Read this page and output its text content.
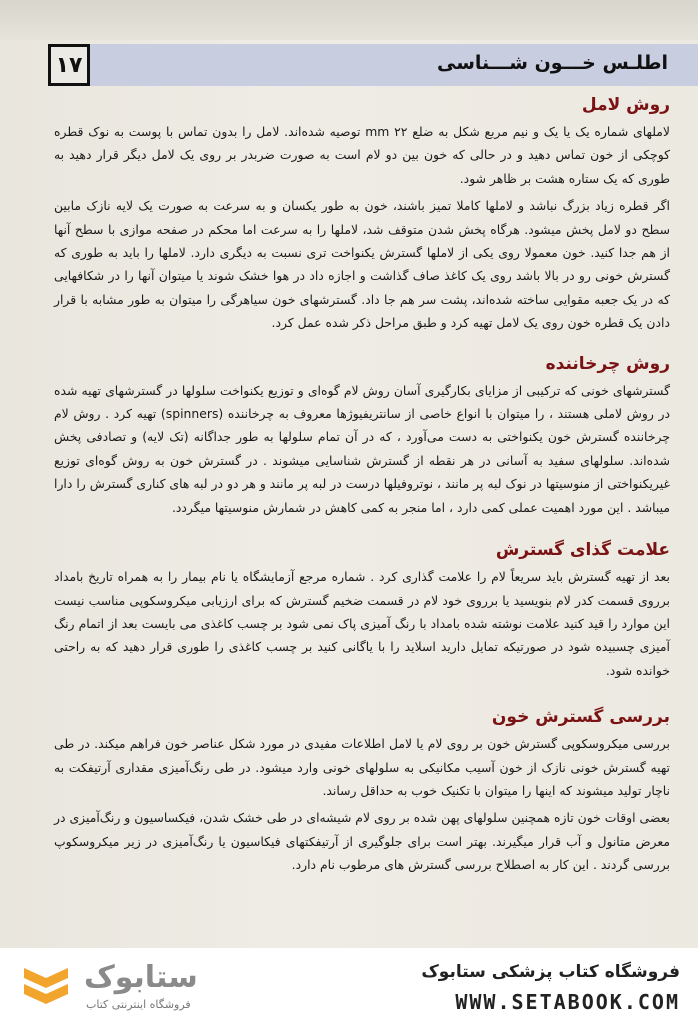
اطلـس خـــون شـــناسی
۱۷
روش لامل

لاملهای شماره یک یا یک و نیم مربع شکل به ضلع ۲۲ mm توصیه شده‌اند. لامل را بدون تماس با پوست به نوک قطره کوچکی از خون تماس دهید و در حالی که خون بین دو لام است به صورت ضربدر بر روی یک لامل دیگر قرار دهید به طوری که یک ستاره هشت بر ظاهر شود.

اگر قطره زیاد بزرگ نباشد و لاملها کاملا تمیز باشند، خون به طور یکسان و به سرعت به صورت یک لایه نازک مابین سطح دو لامل پخش میشود. هرگاه پخش شدن متوقف شد، لاملها را به سرعت اما محکم در صفحه موازی با سطح آنها از هم جدا کنید. خون معمولا روی یکی از لاملها گسترش یکنواخت تری نسبت به دیگری دارد. لاملها را باید به طوری که گسترش خونی رو در بالا باشد روی یک کاغذ صاف گذاشت و اجازه داد در هوا خشک شوند یا میتوان آنها را در شکافهایی که در یک جعبه مقوایی ساخته شده‌اند، پشت سر هم جا داد. گسترشهای خون سیاهرگی را میتوان به طور مشابه با قرار دادن یک قطره خون روی یک لامل تهیه کرد و طبق مراحل ذکر شده عمل کرد.

روش چرخاننده

گسترشهای خونی که ترکیبی از مزایای بکارگیری آسان روش لام گوه‌ای و توزیع یکنواخت سلولها در گسترشهای تهیه شده در روش لاملی هستند ، را میتوان با انواع خاصی از سانتریفیوژها معروف به چرخاننده (spinners) تهیه کرد . روش لام چرخاننده گسترش خون یکنواختی به دست می‌آورد ، که در آن تمام سلولها به طور جداگانه (تک لایه) و تصادفی پخش شده‌اند. سلولهای سفید به آسانی در هر نقطه از گسترش شناسایی میشوند . در گسترش خون به روش گوه‌ای توزیع غیریکنواختی از منوسیتها در نوک لبه پر مانند ، نوتروفیلها درست در لبه پر مانند و هر دو در لبه های کناری گسترش را دارا میباشد . این مورد اهمیت عملی کمی دارد ، اما منجر به کمی کاهش در شمارش منوسیتها میگردد.

علامت گذای گسترش

بعد از تهیه گسترش باید سریعاً لام را علامت گذاری کرد . شماره مرجع آزمایشگاه یا نام بیمار را به همراه تاریخ بامداد برروی قسمت کدر لام بنویسید یا برروی خود لام در قسمت ضخیم گسترش که برای ارزیابی میکروسکوپی مناسب نیست این موارد را قید کنید علامت نوشته شده بامداد با رنگ آمیزی پاک نمی شود بر چسب کاغذی می بایست بعد از اتمام رنگ آمیزی چسبیده شود در صورتیکه تمایل دارید اسلاید را با یاگانی کنید بر چسب کاغذی را طوری قرار دهید که به راحتی خوانده شود.

بررسی گسترش خون

بررسی میکروسکوپی گسترش خون بر روی لام یا لامل اطلاعات مفیدی در مورد شکل عناصر خون فراهم میکند. در طی تهیه گسترش خونی نازک از خون آسیب مکانیکی به سلولهای خونی وارد میشود. در طی رنگ‌آمیزی مقداری آرتیفکت به ناچار تولید میشوند که اینها را میتوان با تکنیک خوب به حداقل رساند.

بعضی اوقات خون تازه همچنین سلولهای پهن شده بر روی لام شیشه‌ای در طی خشک شدن، فیکساسیون و رنگ‌آمیزی در معرض متانول و آب قرار میگیرند. بهتر است برای جلوگیری از آرتیفکتهای فیکاسیون یا رنگ‌آمیزی در زیر میکروسکوپ بررسی گردند . این کار به اصطلاح بررسی گسترش های مرطوب نام دارد.

ستابوک
فروشگاه اینترنتی کتاب
فروشگاه کتاب پزشکی ستابوک
WWW.SETABOOK.COM
